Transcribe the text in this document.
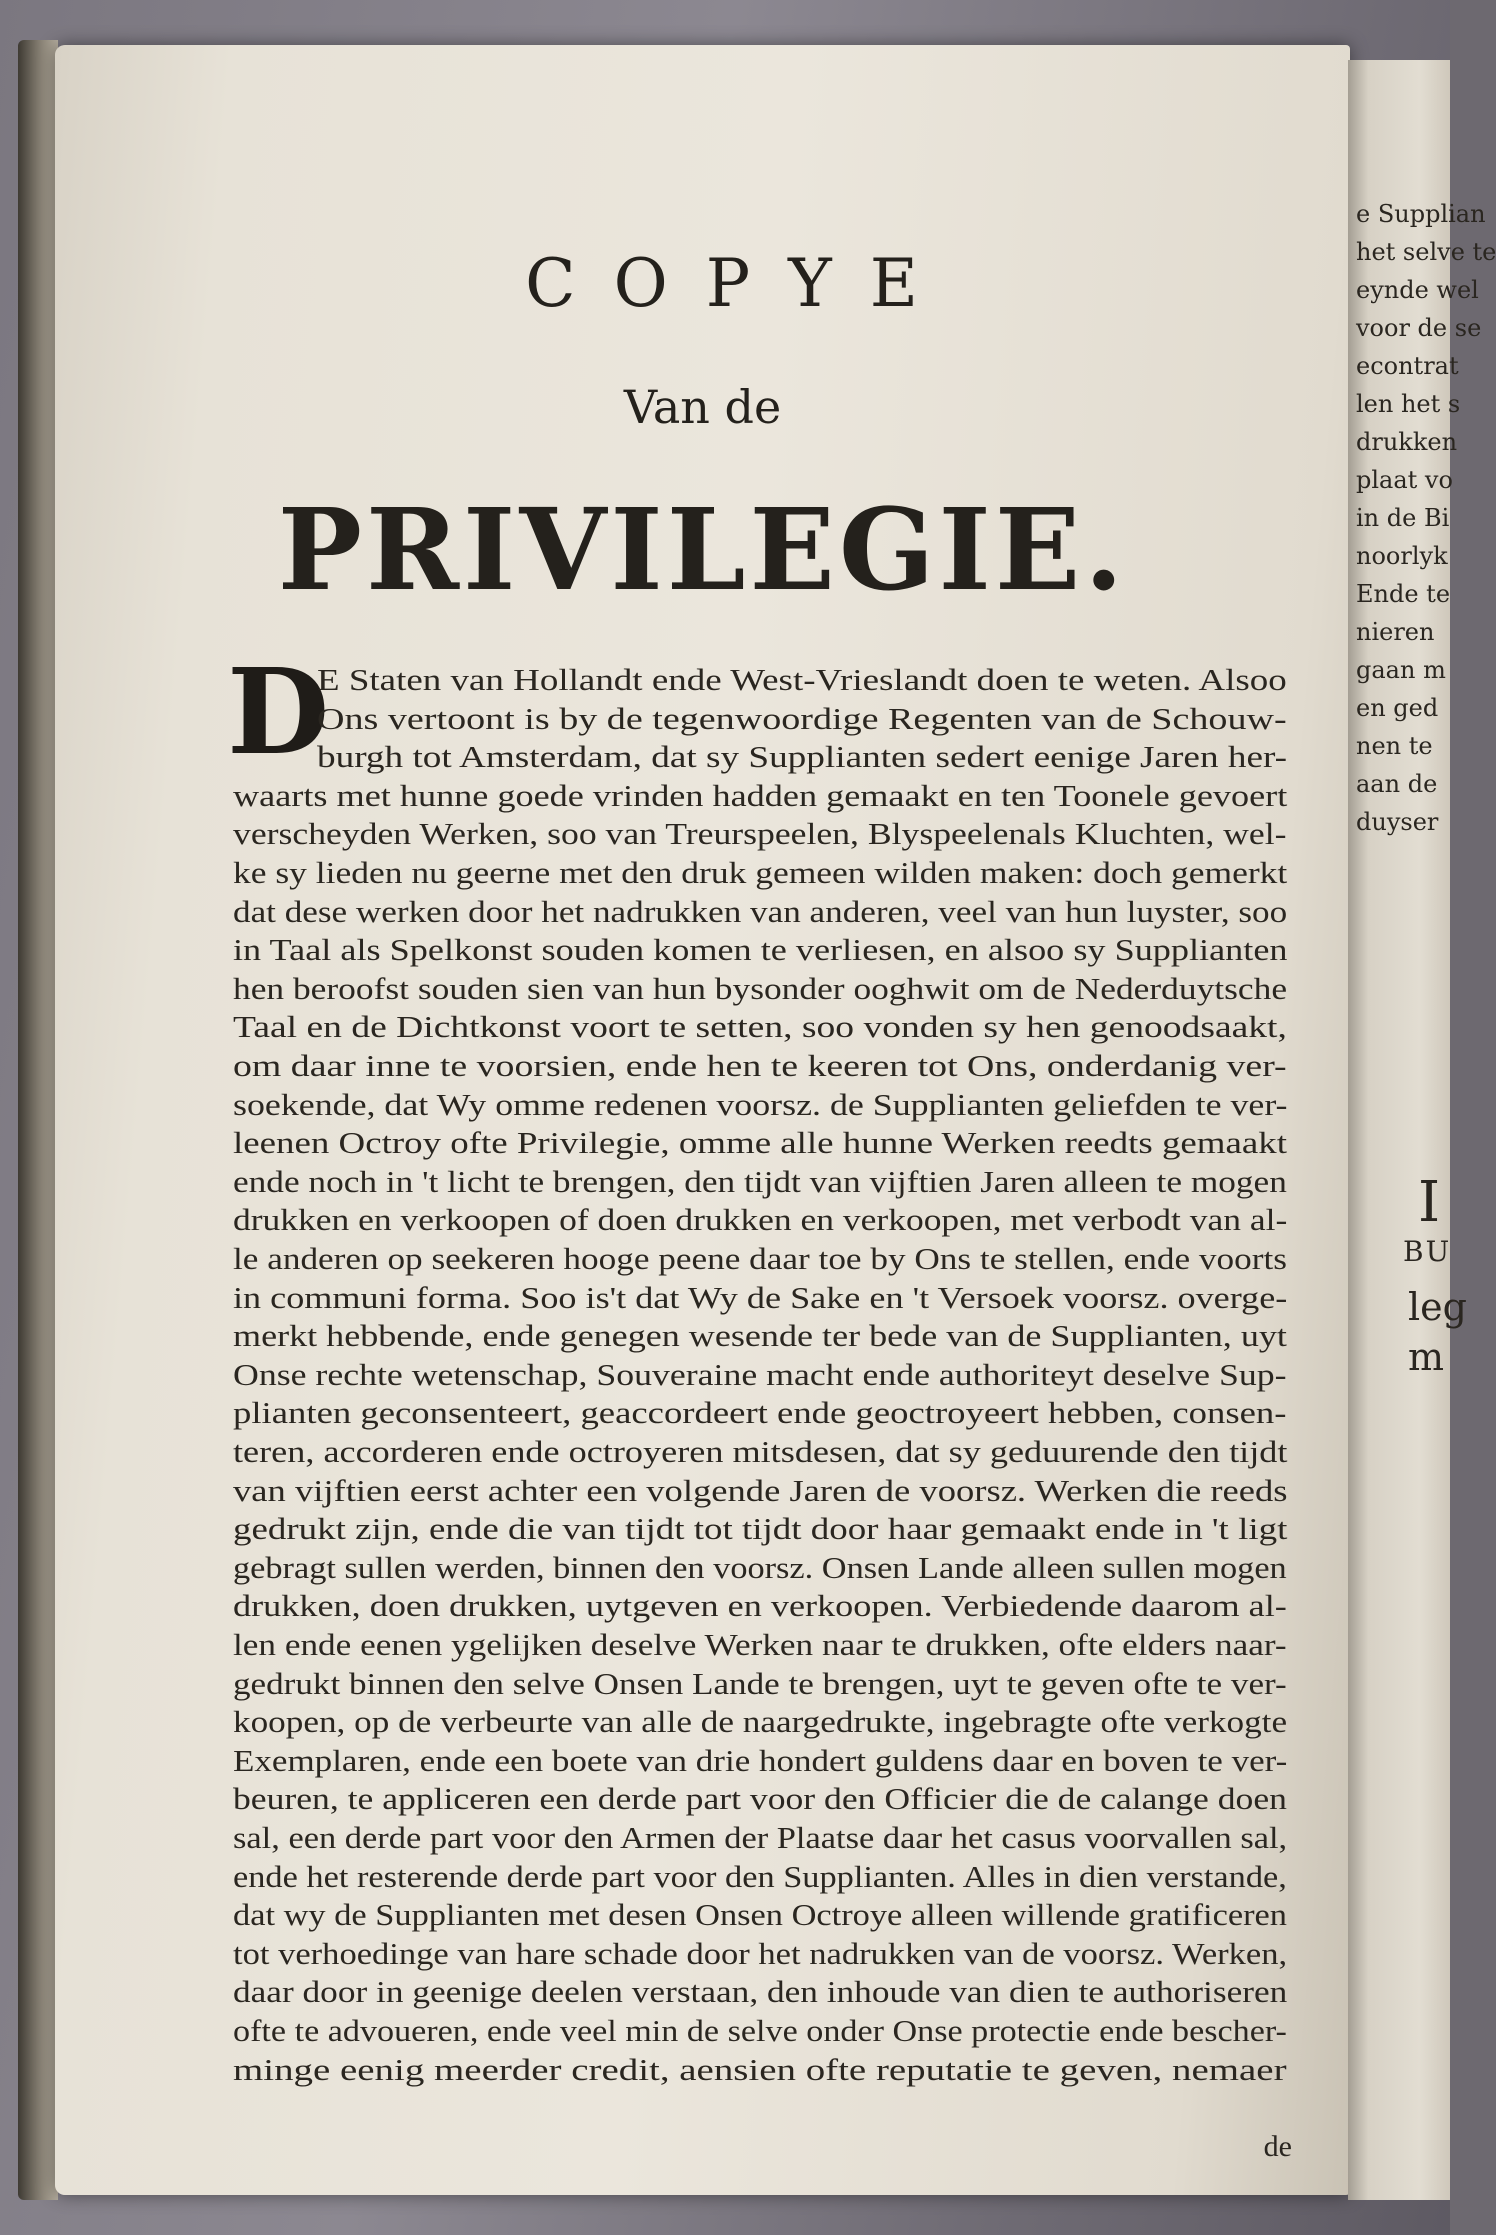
COPYE
Van de
PRIVILEGIE.
D
E Staten van Hollandt ende West-Vrieslandt doen te weten. Alsoo
Ons vertoont is by de tegenwoordige Regenten van de Schouw-
burgh tot Amsterdam, dat sy Supplianten sedert eenige Jaren her-
waarts met hunne goede vrinden hadden gemaakt en ten Toonele gevoert
verscheyden Werken, soo van Treurspeelen, Blyspeelenals Kluchten, wel-
ke sy lieden nu geerne met den druk gemeen wilden maken: doch gemerkt
dat dese werken door het nadrukken van anderen, veel van hun luyster, soo
in Taal als Spelkonst souden komen te verliesen, en alsoo sy Supplianten
hen beroofst souden sien van hun bysonder ooghwit om de Nederduytsche
Taal en de Dichtkonst voort te setten, soo vonden sy hen genoodsaakt,
om daar inne te voorsien, ende hen te keeren tot Ons, onderdanig ver-
soekende, dat Wy omme redenen voorsz. de Supplianten geliefden te ver-
leenen Octroy ofte Privilegie, omme alle hunne Werken reedts gemaakt
ende noch in 't licht te brengen, den tijdt van vijftien Jaren alleen te mogen
drukken en verkoopen of doen drukken en verkoopen, met verbodt van al-
le anderen op seekeren hooge peene daar toe by Ons te stellen, ende voorts
in communi forma. Soo is't dat Wy de Sake en 't Versoek voorsz. overge-
merkt hebbende, ende genegen wesende ter bede van de Supplianten, uyt
Onse rechte wetenschap, Souveraine macht ende authoriteyt deselve Sup-
plianten geconsenteert, geaccordeert ende geoctroyeert hebben, consen-
teren, accorderen ende octroyeren mitsdesen, dat sy geduurende den tijdt
van vijftien eerst achter een volgende Jaren de voorsz. Werken die reeds
gedrukt zijn, ende die van tijdt tot tijdt door haar gemaakt ende in 't ligt
gebragt sullen werden, binnen den voorsz. Onsen Lande alleen sullen mogen
drukken, doen drukken, uytgeven en verkoopen. Verbiedende daarom al-
len ende eenen ygelijken deselve Werken naar te drukken, ofte elders naar-
gedrukt binnen den selve Onsen Lande te brengen, uyt te geven ofte te ver-
koopen, op de verbeurte van alle de naargedrukte, ingebragte ofte verkogte
Exemplaren, ende een boete van drie hondert guldens daar en boven te ver-
beuren, te appliceren een derde part voor den Officier die de calange doen
sal, een derde part voor den Armen der Plaatse daar het casus voorvallen sal,
ende het resterende derde part voor den Supplianten. Alles in dien verstande,
dat wy de Supplianten met desen Onsen Octroye alleen willende gratificeren
tot verhoedinge van hare schade door het nadrukken van de voorsz. Werken,
daar door in geenige deelen verstaan, den inhoude van dien te authoriseren
ofte te advoueren, ende veel min de selve onder Onse protectie ende bescher-
minge eenig meerder credit, aensien ofte reputatie te geven, nemaer
de
e Supplian
het selve te
eynde wel
voor de se
econtrat
len het s
drukken
plaat vo
in de Bi
noorlyk
Ende te
nieren
gaan m
en ged
nen te
aan de
duyser
I
BU
leg
m
